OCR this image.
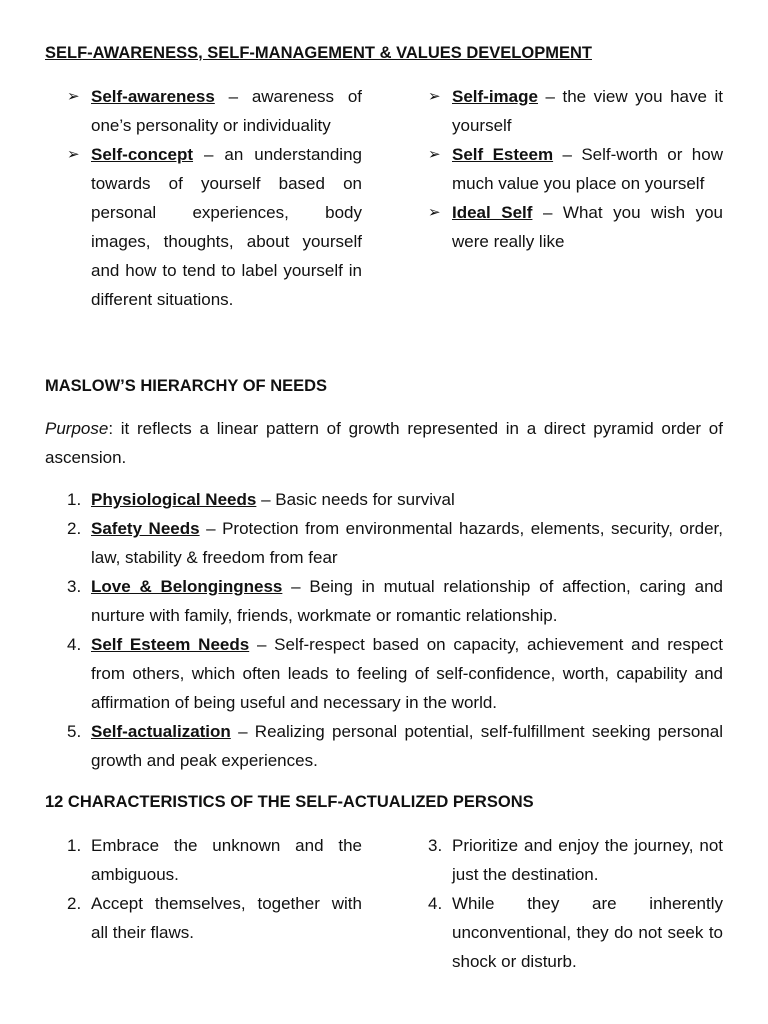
SELF-AWARENESS, SELF-MANAGEMENT & VALUES DEVELOPMENT

➢ Self-awareness – awareness of one’s personality or individuality
➢ Self-concept – an understanding towards of yourself based on personal experiences, body images, thoughts, about yourself and how to tend to label yourself in different situations.
➢ Self-image – the view you have it yourself
➢ Self Esteem – Self-worth or how much value you place on yourself
➢ Ideal Self – What you wish you were really like

MASLOW’S HIERARCHY OF NEEDS

Purpose: it reflects a linear pattern of growth represented in a direct pyramid order of ascension.

1. Physiological Needs – Basic needs for survival
2. Safety Needs – Protection from environmental hazards, elements, security, order, law, stability & freedom from fear
3. Love & Belongingness – Being in mutual relationship of affection, caring and nurture with family, friends, workmate or romantic relationship.
4. Self Esteem Needs – Self-respect based on capacity, achievement and respect from others, which often leads to feeling of self-confidence, worth, capability and affirmation of being useful and necessary in the world.
5. Self-actualization – Realizing personal potential, self-fulfillment seeking personal growth and peak experiences.

12 CHARACTERISTICS OF THE SELF-ACTUALIZED PERSONS

1. Embrace the unknown and the ambiguous.
2. Accept themselves, together with all their flaws.
3. Prioritize and enjoy the journey, not just the destination.
4. While they are inherently unconventional, they do not seek to shock or disturb.
